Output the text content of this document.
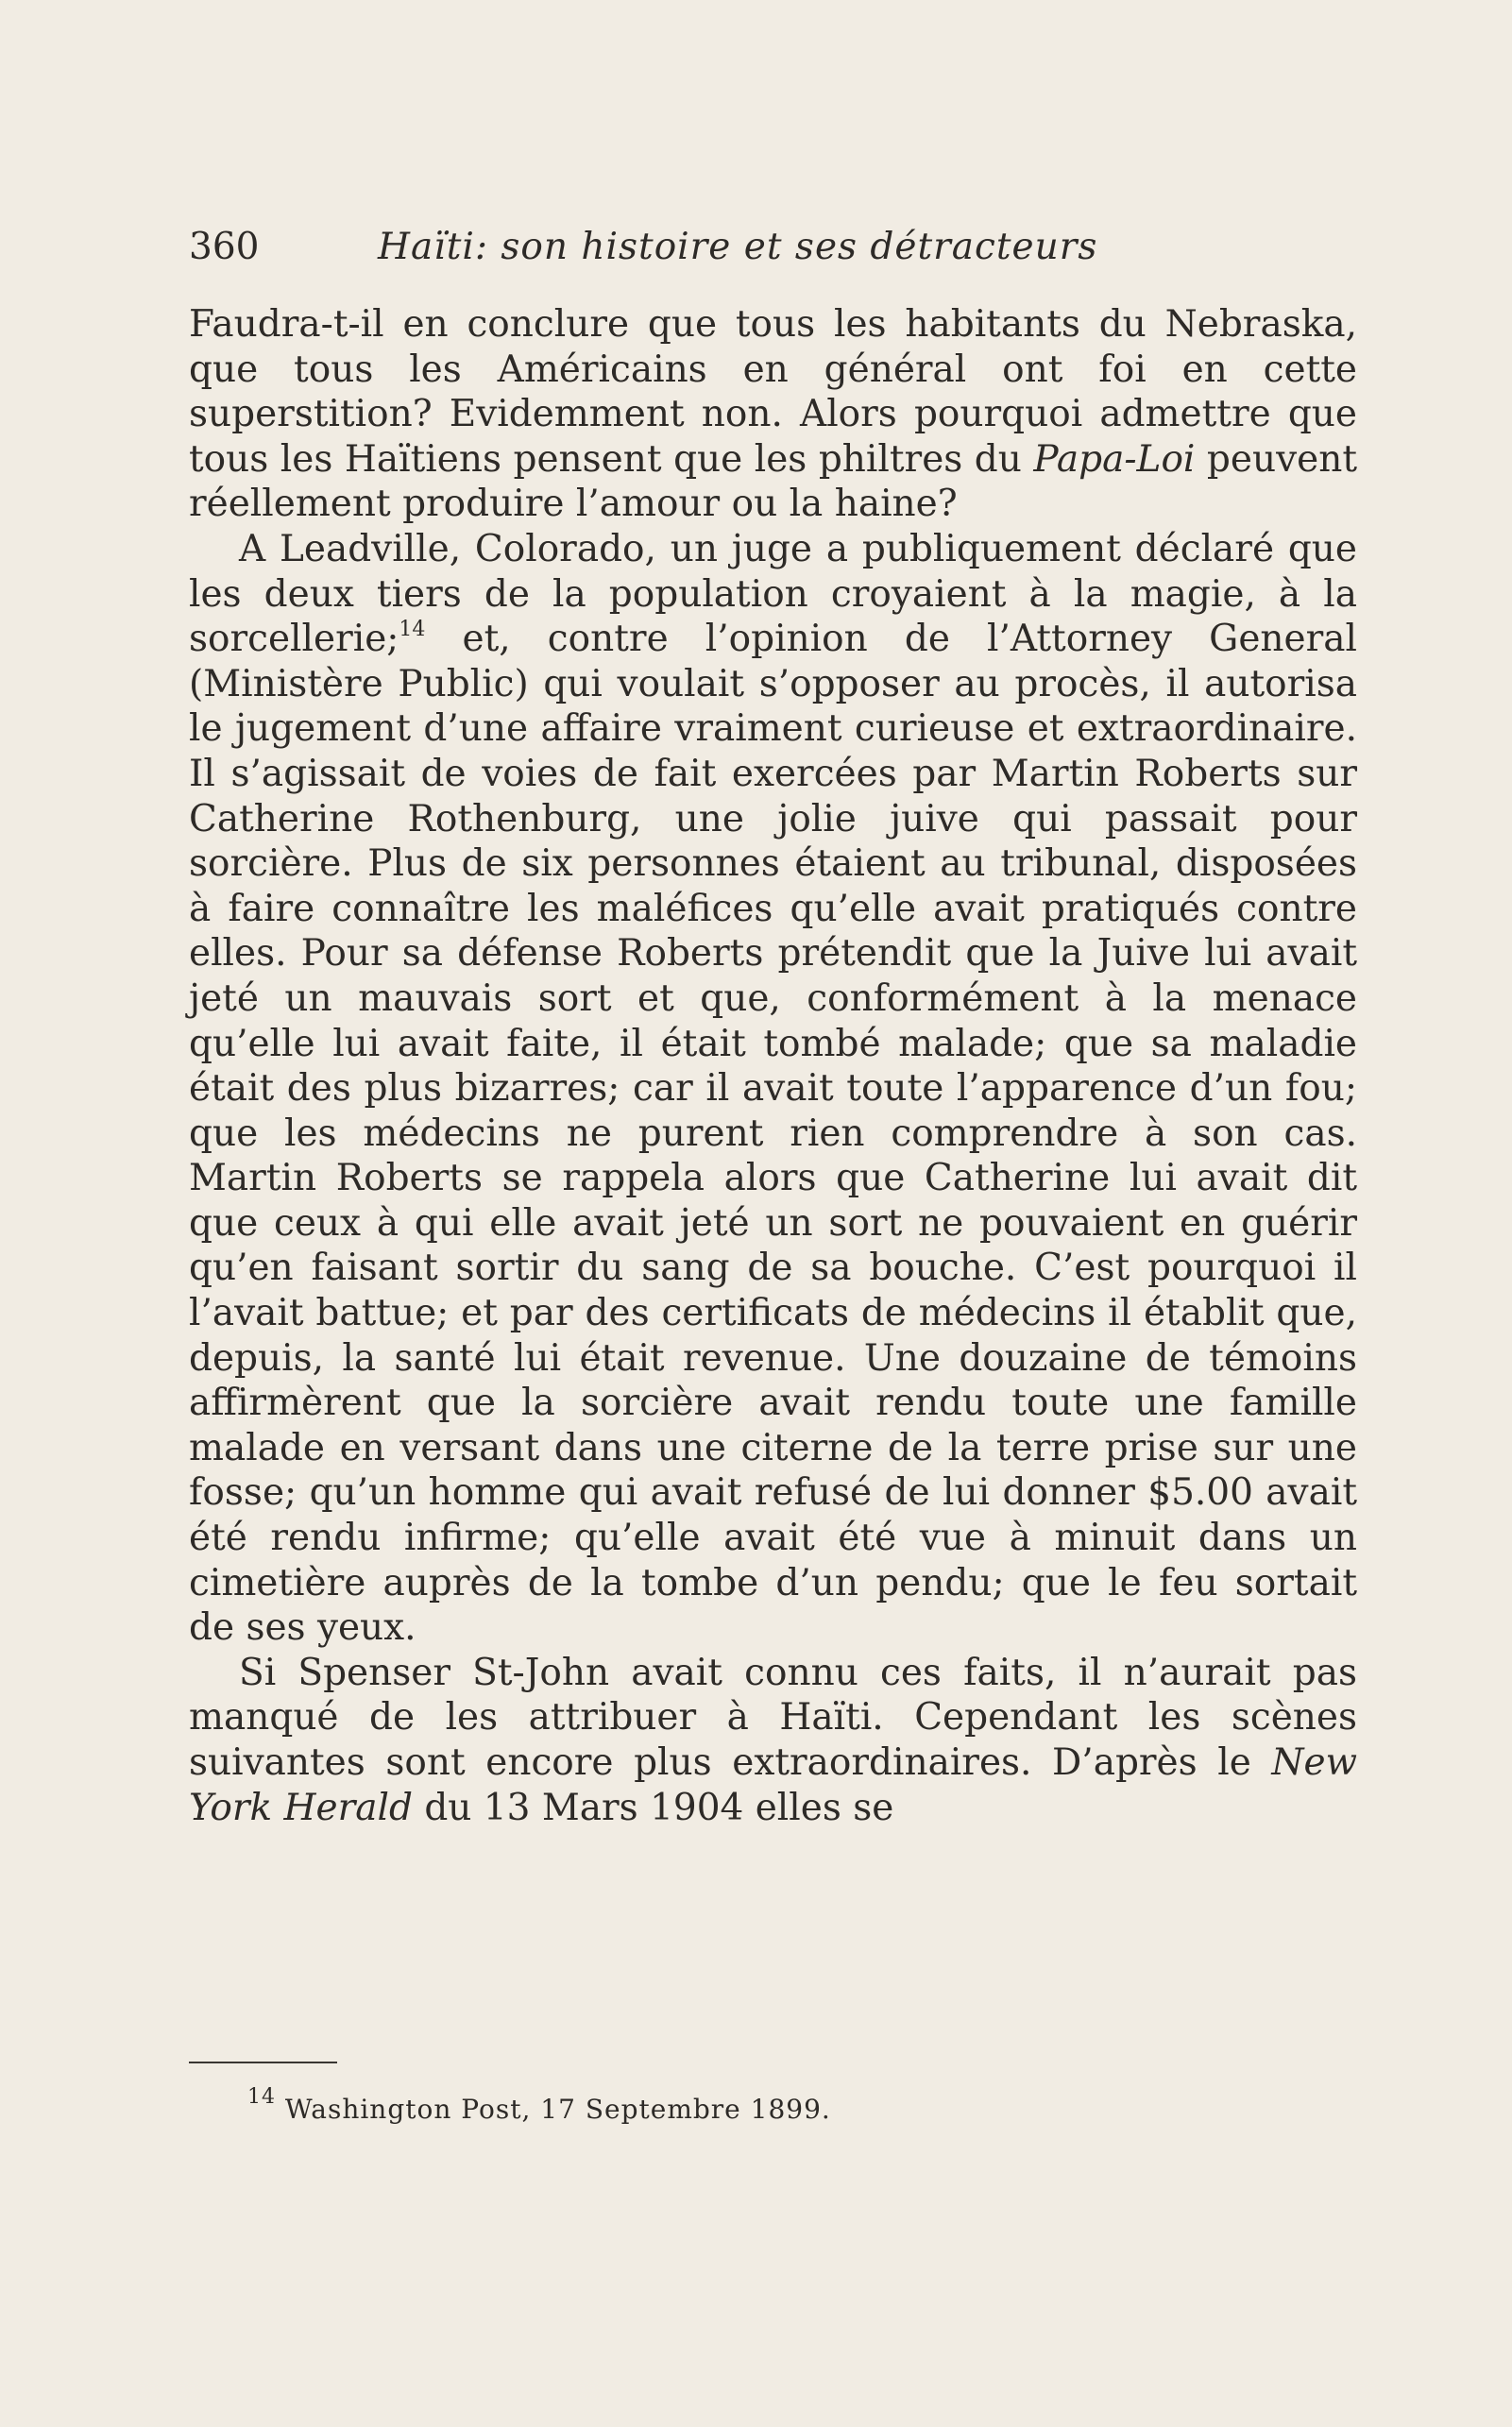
360	Haïti: son histoire et ses détracteurs

Faudra-t-il en conclure que tous les habitants du Nebraska, que tous les Américains en général ont foi en cette superstition? Evidemment non. Alors pourquoi admettre que tous les Haïtiens pensent que les philtres du Papa-Loi peuvent réellement produire l’amour ou la haine?

A Leadville, Colorado, un juge a publiquement déclaré que les deux tiers de la population croyaient à la magie, à la sorcellerie;$^{14}$ et, contre l’opinion de l’Attorney General (Ministère Public) qui voulait s’opposer au procès, il autorisa le jugement d’une affaire vraiment curieuse et extraordinaire. Il s’agissait de voies de fait exercées par Martin Roberts sur Catherine Rothenburg, une jolie juive qui passait pour sorcière. Plus de six personnes étaient au tribunal, disposées à faire connaître les maléfices qu’elle avait pratiqués contre elles. Pour sa défense Roberts prétendit que la Juive lui avait jeté un mauvais sort et que, conformément à la menace qu’elle lui avait faite, il était tombé malade; que sa maladie était des plus bizarres; car il avait toute l’apparence d’un fou; que les médecins ne purent rien comprendre à son cas. Martin Roberts se rappela alors que Catherine lui avait dit que ceux à qui elle avait jeté un sort ne pouvaient en guérir qu’en faisant sortir du sang de sa bouche. C’est pourquoi il l’avait battue; et par des certificats de médecins il établit que, depuis, la santé lui était revenue. Une douzaine de témoins affirmèrent que la sorcière avait rendu toute une famille malade en versant dans une citerne de la terre prise sur une fosse; qu’un homme qui avait refusé de lui donner $5.00 avait été rendu infirme; qu’elle avait été vue à minuit dans un cimetière auprès de la tombe d’un pendu; que le feu sortait de ses yeux.

Si Spenser St-John avait connu ces faits, il n’aurait pas manqué de les attribuer à Haïti. Cependant les scènes suivantes sont encore plus extraordinaires. D’après le New York Herald du 13 Mars 1904 elles se

$^{14}$ Washington Post, 17 Septembre 1899.
